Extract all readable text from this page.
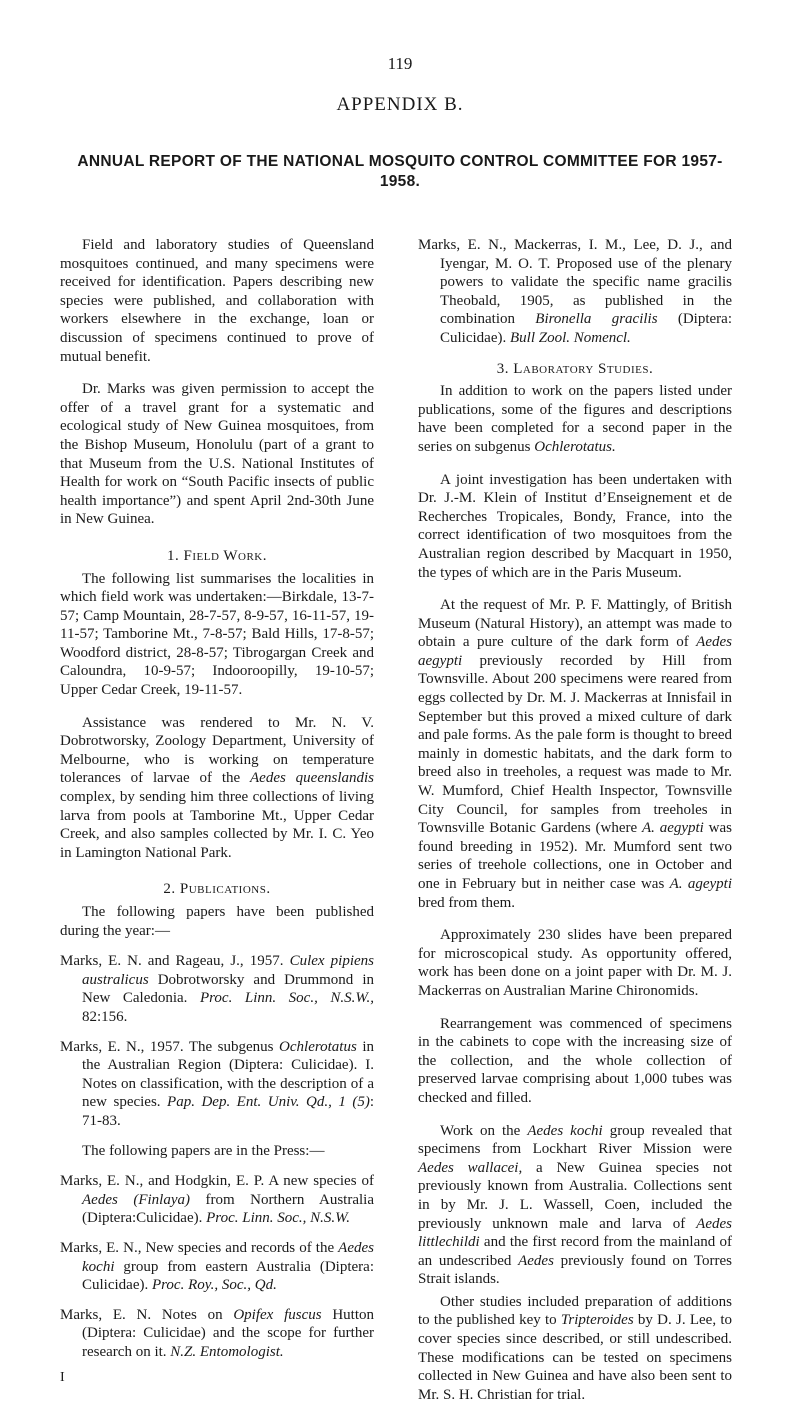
119
APPENDIX B.
ANNUAL REPORT OF THE NATIONAL MOSQUITO CONTROL COMMITTEE FOR 1957-1958.

Field and laboratory studies of Queensland mosquitoes continued, and many specimens were received for identification. Papers describing new species were published, and collaboration with workers elsewhere in the exchange, loan or discussion of specimens continued to prove of mutual benefit.

Dr. Marks was given permission to accept the offer of a travel grant for a systematic and ecological study of New Guinea mosquitoes, from the Bishop Museum, Honolulu (part of a grant to that Museum from the U.S. National Institutes of Health for work on “South Pacific insects of public health importance”) and spent April 2nd-30th June in New Guinea.

1. Field Work.

The following list summarises the localities in which field work was undertaken:—Birkdale, 13-7-57; Camp Mountain, 28-7-57, 8-9-57, 16-11-57, 19-11-57; Tamborine Mt., 7-8-57; Bald Hills, 17-8-57; Woodford district, 28-8-57; Tibrogargan Creek and Caloundra, 10-9-57; Indooroopilly, 19-10-57; Upper Cedar Creek, 19-11-57.

Assistance was rendered to Mr. N. V. Dobrotworsky, Zoology Department, University of Melbourne, who is working on temperature tolerances of larvae of the Aedes queenslandis complex, by sending him three collections of living larva from pools at Tamborine Mt., Upper Cedar Creek, and also samples collected by Mr. I. C. Yeo in Lamington National Park.

2. Publications.

The following papers have been published during the year:—

Marks, E. N. and Rageau, J., 1957. Culex pipiens australicus Dobrotworsky and Drummond in New Caledonia. Proc. Linn. Soc., N.S.W., 82:156.

Marks, E. N., 1957. The subgenus Ochlerotatus in the Australian Region (Diptera: Culicidae). I. Notes on classification, with the description of a new species. Pap. Dep. Ent. Univ. Qd., 1 (5): 71-83.

The following papers are in the Press:—

Marks, E. N., and Hodgkin, E. P. A new species of Aedes (Finlaya) from Northern Australia (Diptera:Culicidae). Proc. Linn. Soc., N.S.W.

Marks, E. N., New species and records of the Aedes kochi group from eastern Australia (Diptera: Culicidae). Proc. Roy., Soc., Qd.

Marks, E. N. Notes on Opifex fuscus Hutton (Diptera: Culicidae) and the scope for further research on it. N.Z. Entomologist.

Marks, E. N., Mackerras, I. M., Lee, D. J., and Iyengar, M. O. T. Proposed use of the plenary powers to validate the specific name gracilis Theobald, 1905, as published in the combination Bironella gracilis (Diptera: Culicidae). Bull Zool. Nomencl.

3. Laboratory Studies.

In addition to work on the papers listed under publications, some of the figures and descriptions have been completed for a second paper in the series on subgenus Ochlerotatus.

A joint investigation has been undertaken with Dr. J.-M. Klein of Institut d’Enseignement et de Recherches Tropicales, Bondy, France, into the correct identification of two mosquitoes from the Australian region described by Macquart in 1950, the types of which are in the Paris Museum.

At the request of Mr. P. F. Mattingly, of British Museum (Natural History), an attempt was made to obtain a pure culture of the dark form of Aedes aegypti previously recorded by Hill from Townsville. About 200 specimens were reared from eggs collected by Dr. M. J. Mackerras at Innisfail in September but this proved a mixed culture of dark and pale forms. As the pale form is thought to breed mainly in domestic habitats, and the dark form to breed also in treeholes, a request was made to Mr. W. Mumford, Chief Health Inspector, Townsville City Council, for samples from treeholes in Townsville Botanic Gardens (where A. aegypti was found breeding in 1952). Mr. Mumford sent two series of treehole collections, one in October and one in February but in neither case was A. ageypti bred from them.

Approximately 230 slides have been prepared for microscopical study. As opportunity offered, work has been done on a joint paper with Dr. M. J. Mackerras on Australian Marine Chironomids.

Rearrangement was commenced of specimens in the cabinets to cope with the increasing size of the collection, and the whole collection of preserved larvae comprising about 1,000 tubes was checked and filled.

Work on the Aedes kochi group revealed that specimens from Lockhart River Mission were Aedes wallacei, a New Guinea species not previously known from Australia. Collections sent in by Mr. J. L. Wassell, Coen, included the previously unknown male and larva of Aedes littlechildi and the first record from the mainland of an undescribed Aedes previously found on Torres Strait islands.

Other studies included preparation of additions to the published key to Tripteroides by D. J. Lee, to cover species since described, or still undescribed. These modifications can be tested on specimens collected in New Guinea and have also been sent to Mr. S. H. Christian for trial.

I
